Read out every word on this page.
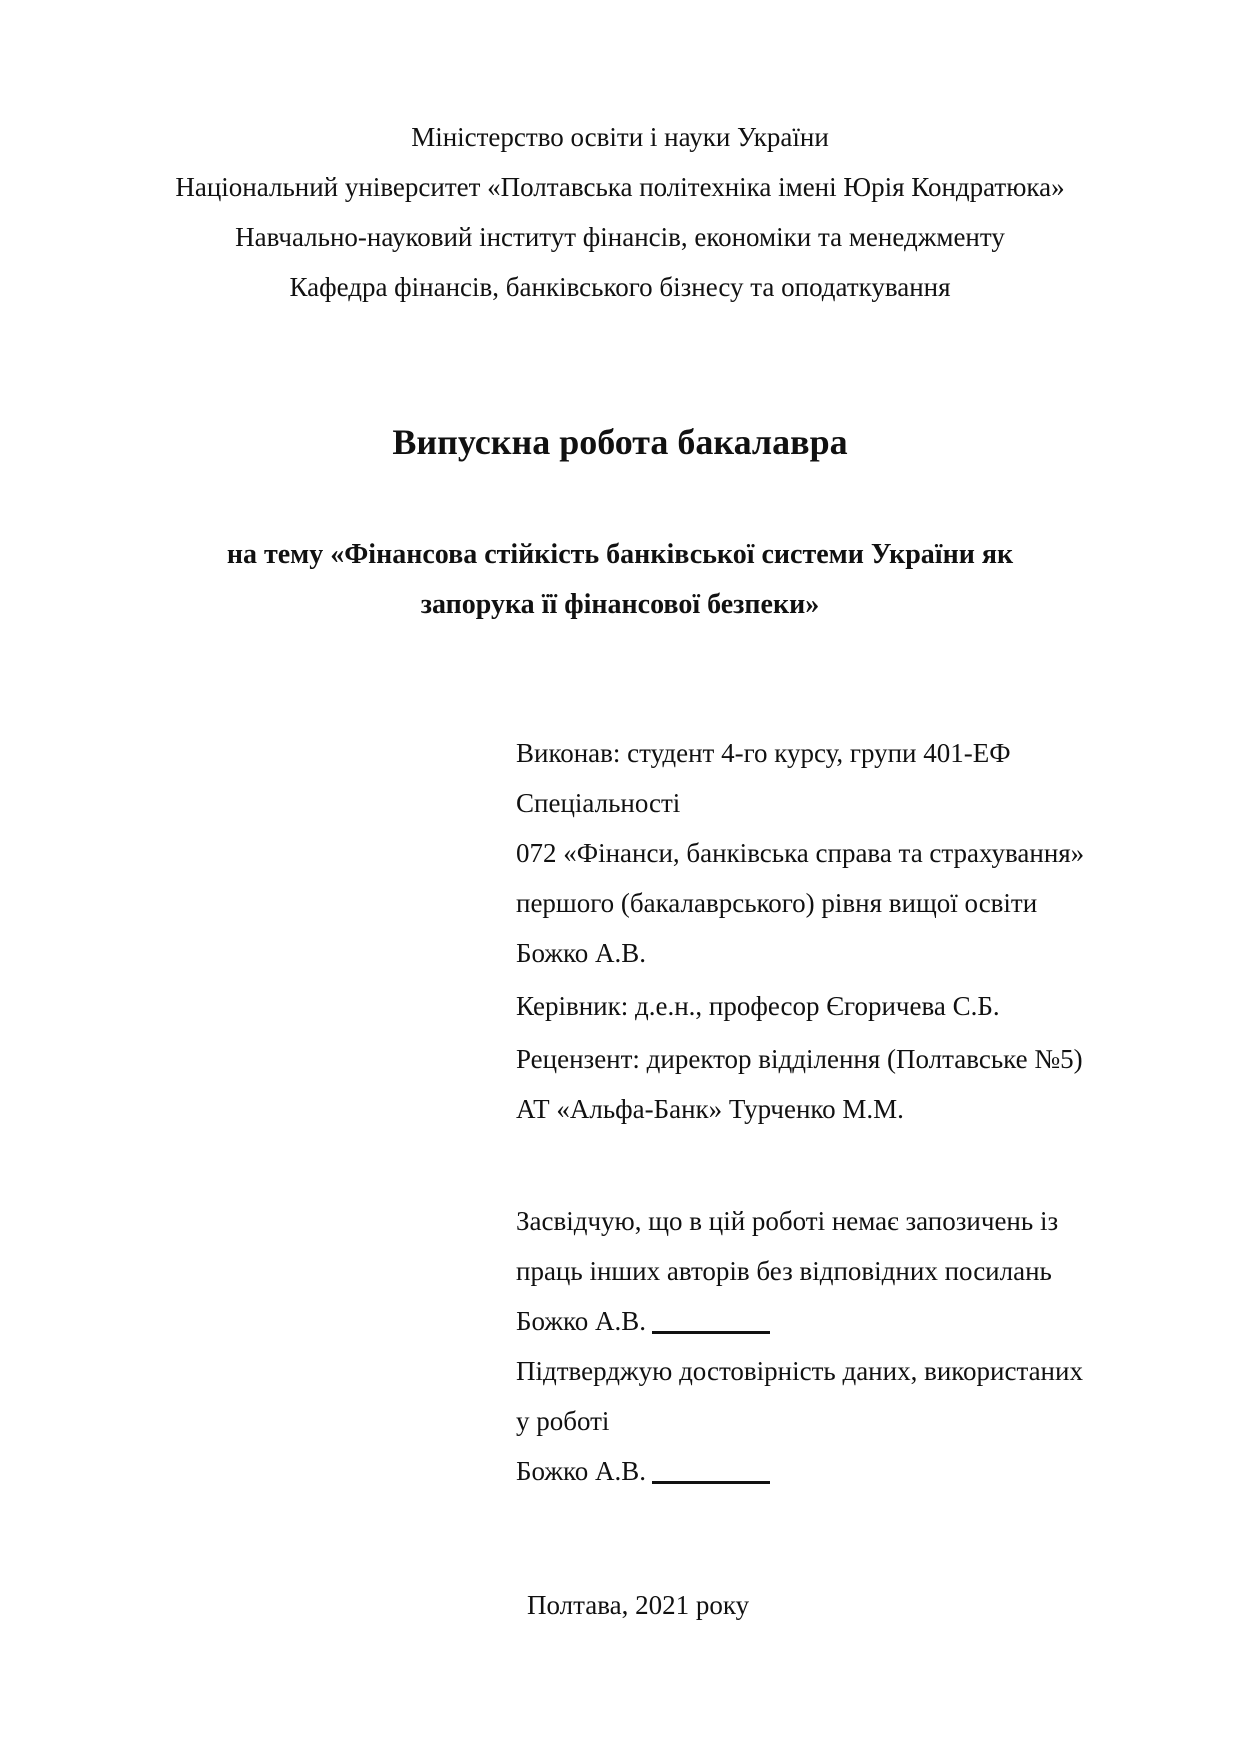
Міністерство освіти і науки України
Національний університет «Полтавська політехніка імені Юрія Кондратюка»
Навчально-науковий інститут фінансів, економіки та менеджменту
Кафедра фінансів, банківського бізнесу та оподаткування
Випускна робота бакалавра
на тему «Фінансова стійкість банківської системи України як
запорука її фінансової безпеки»
Виконав: студент 4-го курсу, групи 401-ЕФ
Спеціальності
072 «Фінанси, банківська справа та страхування»
першого (бакалаврського) рівня вищої освіти
Божко А.В.
Керівник: д.е.н., професор Єгоричева С.Б.
Рецензент: директор відділення (Полтавське №5)
АТ «Альфа-Банк» Турченко М.М.
Засвідчую, що в цій роботі немає запозичень із
праць інших авторів без відповідних посилань
Божко А.В.
Підтверджую достовірність даних, використаних
у роботі
Божко А.В.
Полтава, 2021 року
